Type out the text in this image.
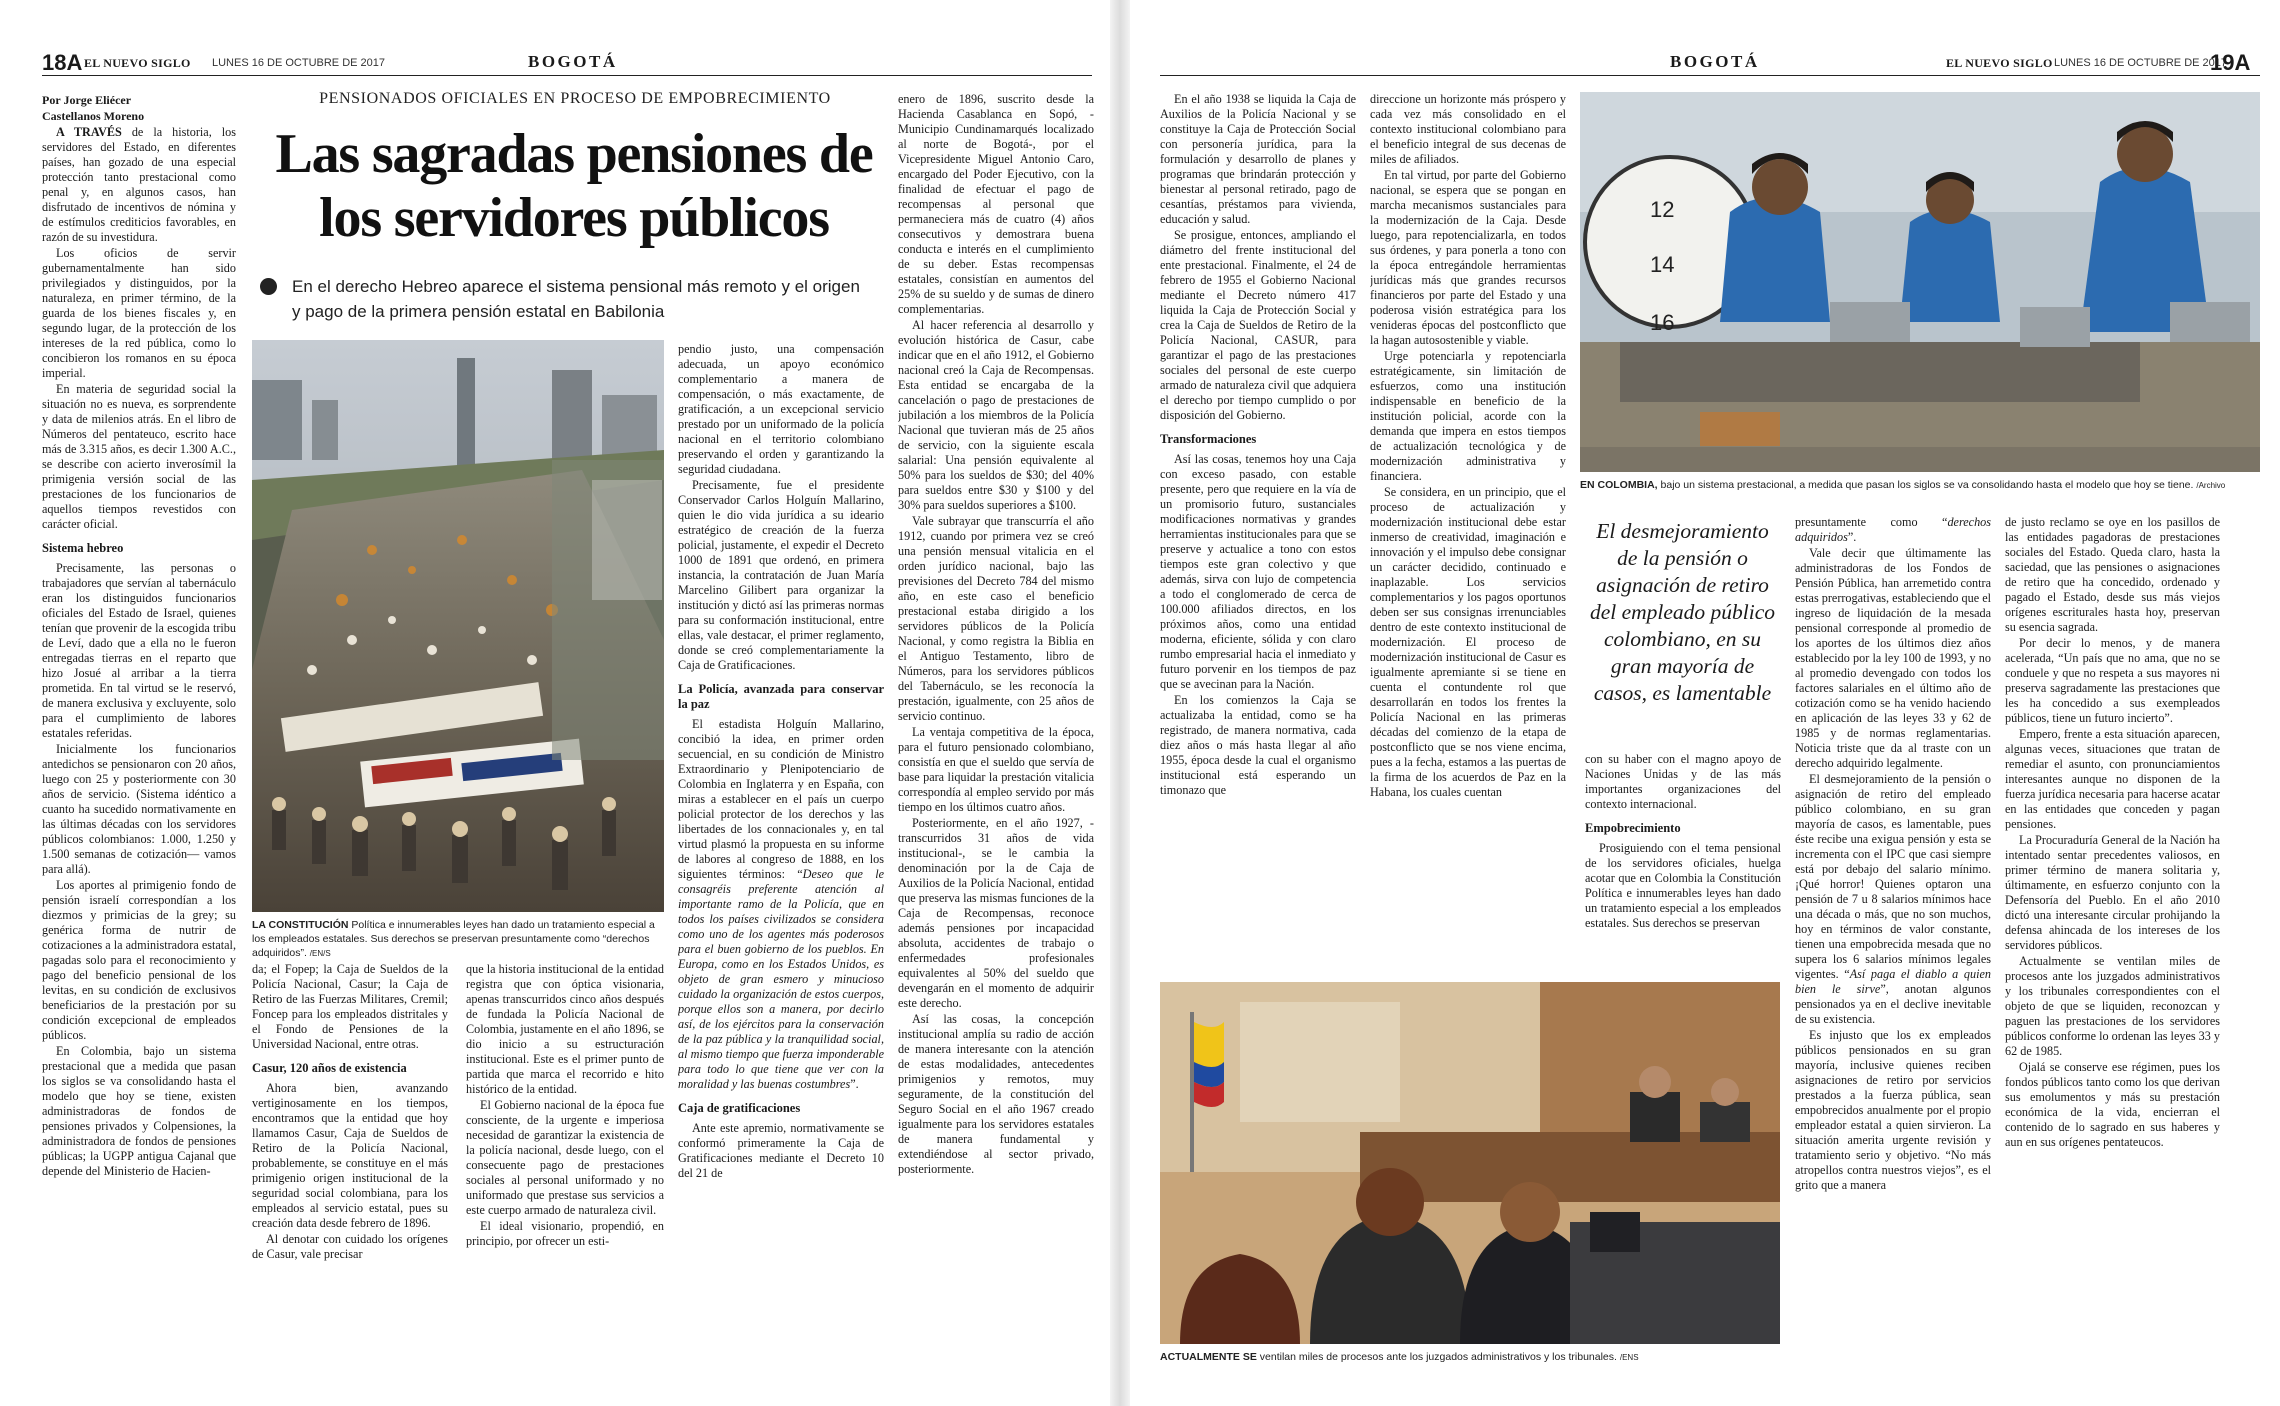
18A EL NUEVO SIGLO LUNES 16 DE OCTUBRE DE 2017	BOGOTÁ
PENSIONADOS OFICIALES EN PROCESO DE EMPOBRECIMIENTO
Las sagradas pensiones de los servidores públicos
En el derecho Hebreo aparece el sistema pensional más remoto y el origen y pago de la primera pensión estatal en Babilonia

Por Jorge Eliécer
Castellanos Moreno

A TRAVÉS de la historia, los servidores del Estado, en diferentes países, han gozado de una especial protección tanto prestacional como penal y, en algunos casos, han disfrutado de incentivos de nómina y de estímulos crediticios favorables, en razón de su investidura.

Los oficios de servir gubernamentalmente han sido privilegiados y distinguidos, por la naturaleza, en primer término, de la guarda de los bienes fiscales y, en segundo lugar, de la protección de los intereses de la red pública, como lo concibieron los romanos en su época imperial.

En materia de seguridad social la situación no es nueva, es sorprendente y data de milenios atrás. En el libro de Números del pentateuco, escrito hace más de 3.315 años, es decir 1.300 A.C., se describe con acierto inverosímil la primigenia versión social de las prestaciones de los funcionarios de aquellos tiempos revestidos con carácter oficial.

Sistema hebreo

Precisamente, las personas o trabajadores que servían al tabernáculo eran los distinguidos funcionarios oficiales del Estado de Israel, quienes tenían que provenir de la escogida tribu de Leví, dado que a ella no le fueron entregadas tierras en el reparto que hizo Josué al arribar a la tierra prometida. En tal virtud se le reservó, de manera exclusiva y excluyente, solo para el cumplimiento de labores estatales referidas.

Inicialmente los funcionarios antedichos se pensionaron con 20 años, luego con 25 y posteriormente con 30 años de servicio. (Sistema idéntico a cuanto ha sucedido normativamente en las últimas décadas con los servidores públicos colombianos: 1.000, 1.250 y 1.500 semanas de cotización— vamos para allá).

Los aportes al primigenio fondo de pensión israelí correspondían a los diezmos y primicias de la grey; su genérica forma de nutrir de cotizaciones a la administradora estatal, pagadas solo para el reconocimiento y pago del beneficio pensional de los levitas, en su condición de exclusivos beneficiarios de la prestación por su condición excepcional de empleados públicos.

En Colombia, bajo un sistema prestacional que a medida que pasan los siglos se va consolidando hasta el modelo que hoy se tiene, existen administradoras de fondos de pensiones privados y Colpensiones, la administradora de fondos de pensiones públicas; la UGPP antigua Cajanal que depende del Ministerio de Hacien-

LA CONSTITUCIÓN Política e innumerables leyes han dado un tratamiento especial a los empleados estatales. Sus derechos se preservan presuntamente como “derechos adquiridos”. /EN/S

da; el Fopep; la Caja de Sueldos de la Policía Nacional, Casur; la Caja de Retiro de las Fuerzas Militares, Cremil; Foncep para los empleados distritales y el Fondo de Pensiones de la Universidad Nacional, entre otras.

Casur, 120 años de existencia

Ahora bien, avanzando vertiginosamente en los tiempos, encontramos que la entidad que hoy llamamos Casur, Caja de Sueldos de Retiro de la Policía Nacional, probablemente, se constituye en el más primigenio origen institucional de la seguridad social colombiana, para los empleados al servicio estatal, pues su creación data desde febrero de 1896.

Al denotar con cuidado los orígenes de Casur, vale precisar

que la historia institucional de la entidad registra que con óptica visionaria, apenas transcurridos cinco años después de fundada la Policía Nacional de Colombia, justamente en el año 1896, se dio inicio a su estructuración institucional. Este es el primer punto de partida que marca el recorrido e hito histórico de la entidad.

El Gobierno nacional de la época fue consciente, de la urgente e imperiosa necesidad de garantizar la existencia de la policía nacional, desde luego, con el consecuente pago de prestaciones sociales al personal uniformado y no uniformado que prestase sus servicios a este cuerpo armado de naturaleza civil.

El ideal visionario, propendió, en principio, por ofrecer un esti-

pendio justo, una compensación adecuada, un apoyo económico complementario a manera de compensación, o más exactamente, de gratificación, a un excepcional servicio prestado por un uniformado de la policía nacional en el territorio colombiano preservando el orden y garantizando la seguridad ciudadana.

Precisamente, fue el presidente Conservador Carlos Holguín Mallarino, quien le dio vida jurídica a su ideario estratégico de creación de la fuerza policial, justamente, el expedir el Decreto 1000 de 1891 que ordenó, en primera instancia, la contratación de Juan María Marcelino Gilibert para organizar la institución y dictó así las primeras normas para su conformación institucional, entre ellas, vale destacar, el primer reglamento, donde se creó complementariamente la Caja de Gratificaciones.

La Policía, avanzada para conservar la paz

El estadista Holguín Mallarino, concibió la idea, en primer orden secuencial, en su condición de Ministro Extraordinario y Plenipotenciario de Colombia en Inglaterra y en España, con miras a establecer en el país un cuerpo policial protector de los derechos y las libertades de los connacionales y, en tal virtud plasmó la propuesta en su informe de labores al congreso de 1888, en los siguientes términos: “Deseo que le consagréis preferente atención al importante ramo de la Policía, que en todos los países civilizados se considera como uno de los agentes más poderosos para el buen gobierno de los pueblos. En Europa, como en los Estados Unidos, es objeto de gran esmero y minucioso cuidado la organización de estos cuerpos, porque ellos son a manera, por decirlo así, de los ejércitos para la conservación de la paz pública y la tranquilidad social, al mismo tiempo que fuerza imponderable para todo lo que tiene que ver con la moralidad y las buenas costumbres”.

Caja de gratificaciones

Ante este apremio, normativamente se conformó primeramente la Caja de Gratificaciones mediante el Decreto 10 del 21 de

enero de 1896, suscrito desde la Hacienda Casablanca en Sopó, -Municipio Cundinamarqués localizado al norte de Bogotá-, por el Vicepresidente Miguel Antonio Caro, encargado del Poder Ejecutivo, con la finalidad de efectuar el pago de recompensas al personal que permaneciera más de cuatro (4) años consecutivos y demostrara buena conducta e interés en el cumplimiento de su deber. Estas recompensas estatales, consistían en aumentos del 25% de su sueldo y de sumas de dinero complementarias.

Al hacer referencia al desarrollo y evolución histórica de Casur, cabe indicar que en el año 1912, el Gobierno nacional creó la Caja de Recompensas. Esta entidad se encargaba de la cancelación o pago de prestaciones de jubilación a los miembros de la Policía Nacional que tuvieran más de 25 años de servicio, con la siguiente escala salarial: Una pensión equivalente al 50% para los sueldos de $30; del 40% para sueldos entre $30 y $100 y del 30% para sueldos superiores a $100.

Vale subrayar que transcurría el año 1912, cuando por primera vez se creó una pensión mensual vitalicia en el orden jurídico nacional, bajo las previsiones del Decreto 784 del mismo año, en este caso el beneficio prestacional estaba dirigido a los servidores públicos de la Policía Nacional, y como registra la Biblia en el Antiguo Testamento, libro de Números, para los servidores públicos del Tabernáculo, se les reconocía la prestación, igualmente, con 25 años de servicio continuo.

La ventaja competitiva de la época, para el futuro pensionado colombiano, consistía en que el sueldo que servía de base para liquidar la prestación vitalicia correspondía al empleo servido por más tiempo en los últimos cuatro años.

Posteriormente, en el año 1927, -transcurridos 31 años de vida institucional-, se le cambia la denominación por la de Caja de Auxilios de la Policía Nacional, entidad que preserva las mismas funciones de la Caja de Recompensas, reconoce además pensiones por incapacidad absoluta, accidentes de trabajo o enfermedades profesionales equivalentes al 50% del sueldo que devengarán en el momento de adquirir este derecho.

Así las cosas, la concepción institucional amplía su radio de acción de manera interesante con la atención de estas modalidades, antecedentes primigenios y remotos, muy seguramente, de la constitución del Seguro Social en el año 1967 creado igualmente para los servidores estatales de manera fundamental y extendiéndose al sector privado, posteriormente.

BOGOTÁ	EL NUEVO SIGLO LUNES 16 DE OCTUBRE DE 2017
19A

En el año 1938 se liquida la Caja de Auxilios de la Policía Nacional y se constituye la Caja de Protección Social con personería jurídica, para la formulación y desarrollo de planes y programas que brindarán protección y bienestar al personal retirado, pago de cesantías, préstamos para vivienda, educación y salud.

Se prosigue, entonces, ampliando el diámetro del frente institucional del ente prestacional. Finalmente, el 24 de febrero de 1955 el Gobierno Nacional mediante el Decreto número 417 liquida la Caja de Protección Social y crea la Caja de Sueldos de Retiro de la Policía Nacional, CASUR, para garantizar el pago de las prestaciones sociales del personal de este cuerpo armado de naturaleza civil que adquiera el derecho por tiempo cumplido o por disposición del Gobierno.

Transformaciones

Así las cosas, tenemos hoy una Caja con exceso pasado, con estable presente, pero que requiere en la vía de un promisorio futuro, sustanciales modificaciones normativas y grandes herramientas institucionales para que se preserve y actualice a tono con estos tiempos este gran colectivo y que además, sirva con lujo de competencia a todo el conglomerado de cerca de 100.000 afiliados directos, en los próximos años, como una entidad moderna, eficiente, sólida y con claro rumbo empresarial hacia el inmediato y futuro porvenir en los tiempos de paz que se avecinan para la Nación.

En los comienzos la Caja se actualizaba la entidad, como se ha registrado, de manera normativa, cada diez años o más hasta llegar al año 1955, época desde la cual el organismo institucional está esperando un timonazo que

direccione un horizonte más próspero y cada vez más consolidado en el contexto institucional colombiano para el beneficio integral de sus decenas de miles de afiliados.

En tal virtud, por parte del Gobierno nacional, se espera que se pongan en marcha mecanismos sustanciales para la modernización de la Caja. Desde luego, para repotencializarla, en todos sus órdenes, y para ponerla a tono con la época entregándole herramientas jurídicas más que grandes recursos financieros por parte del Estado y una poderosa visión estratégica para los venideras épocas del postconflicto que la hagan autosostenible y viable.

Urge potenciarla y repotenciarla estratégicamente, sin limitación de esfuerzos, como una institución indispensable en beneficio de la institución policial, acorde con la demanda que impera en estos tiempos de actualización tecnológica y de modernización administrativa y financiera.

Se considera, en un principio, que el proceso de actualización y modernización institucional debe estar inmerso de creatividad, imaginación e innovación y el impulso debe consignar un carácter decidido, continuado e inaplazable. Los servicios complementarios y los pagos oportunos deben ser sus consignas irrenunciables dentro de este contexto institucional de modernización. El proceso de modernización institucional de Casur es igualmente apremiante si se tiene en cuenta el contundente rol que desarrollarán en todos los frentes la Policía Nacional en las primeras décadas del comienzo de la etapa de postconflicto que se nos viene encima, pues a la fecha, estamos a las puertas de la firma de los acuerdos de Paz en la Habana, los cuales cuentan

12
14
16
EN COLOMBIA, bajo un sistema prestacional, a medida que pasan los siglos se va consolidando hasta el modelo que hoy se tiene. /Archivo
El desmejoramiento de la pensión o asignación de retiro del empleado público colombiano, en su gran mayoría de casos, es lamentable

con su haber con el magno apoyo de Naciones Unidas y de las más importantes organizaciones del contexto internacional.

Empobrecimiento

Prosiguiendo con el tema pensional de los servidores oficiales, huelga acotar que en Colombia la Constitución Política e innumerables leyes han dado un tratamiento especial a los empleados estatales. Sus derechos se preservan

presuntamente como “derechos adquiridos”.

Vale decir que últimamente las administradoras de los Fondos de Pensión Pública, han arremetido contra estas prerrogativas, estableciendo que el ingreso de liquidación de la mesada pensional corresponde al promedio de los aportes de los últimos diez años establecido por la ley 100 de 1993, y no al promedio devengado con todos los factores salariales en el último año de cotización como se ha venido haciendo en aplicación de las leyes 33 y 62 de 1985 y de normas reglamentarias. Noticia triste que da al traste con un derecho adquirido legalmente.

El desmejoramiento de la pensión o asignación de retiro del empleado público colombiano, en su gran mayoría de casos, es lamentable, pues éste recibe una exigua pensión y esta se incrementa con el IPC que casi siempre está por debajo del salario mínimo. ¡Qué horror! Quienes optaron una pensión de 7 u 8 salarios mínimos hace una década o más, que no son muchos, hoy en términos de valor constante, tienen una empobrecida mesada que no supera los 6 salarios mínimos legales vigentes. “Así paga el diablo a quien bien le sirve”, anotan algunos pensionados ya en el declive inevitable de su existencia.

Es injusto que los ex empleados públicos pensionados en su gran mayoría, inclusive quienes reciben asignaciones de retiro por servicios prestados a la fuerza pública, sean empobrecidos anualmente por el propio empleador estatal a quien sirvieron. La situación amerita urgente revisión y tratamiento serio y objetivo. “No más atropellos contra nuestros viejos”, es el grito que a manera

de justo reclamo se oye en los pasillos de las entidades pagadoras de prestaciones sociales del Estado. Queda claro, hasta la saciedad, que las pensiones o asignaciones de retiro que ha concedido, ordenado y pagado el Estado, desde sus más viejos orígenes escriturales hasta hoy, preservan su esencia sagrada.

Por decir lo menos, y de manera acelerada, “Un país que no ama, que no se conduele y que no respeta a sus mayores ni preserva sagradamente las prestaciones que les ha concedido a sus exempleados públicos, tiene un futuro incierto”.

Empero, frente a esta situación aparecen, algunas veces, situaciones que tratan de remediar el asunto, con pronunciamientos interesantes aunque no disponen de la fuerza jurídica necesaria para hacerse acatar en las entidades que conceden y pagan pensiones.

La Procuraduría General de la Nación ha intentado sentar precedentes valiosos, en primer término de manera solitaria y, últimamente, en esfuerzo conjunto con la Defensoría del Pueblo. En el año 2010 dictó una interesante circular prohijando la defensa ahincada de los intereses de los servidores públicos.

Actualmente se ventilan miles de procesos ante los juzgados administrativos y los tribunales correspondientes con el objeto de que se liquiden, reconozcan y paguen las prestaciones de los servidores públicos conforme lo ordenan las leyes 33 y 62 de 1985.

Ojalá se conserve ese régimen, pues los fondos públicos tanto como los que derivan sus emolumentos y más su prestación económica de la vida, encierran el contenido de lo sagrado en sus haberes y aun en sus orígenes pentateucos.

ACTUALMENTE SE ventilan miles de procesos ante los juzgados administrativos y los tribunales. /ENS
